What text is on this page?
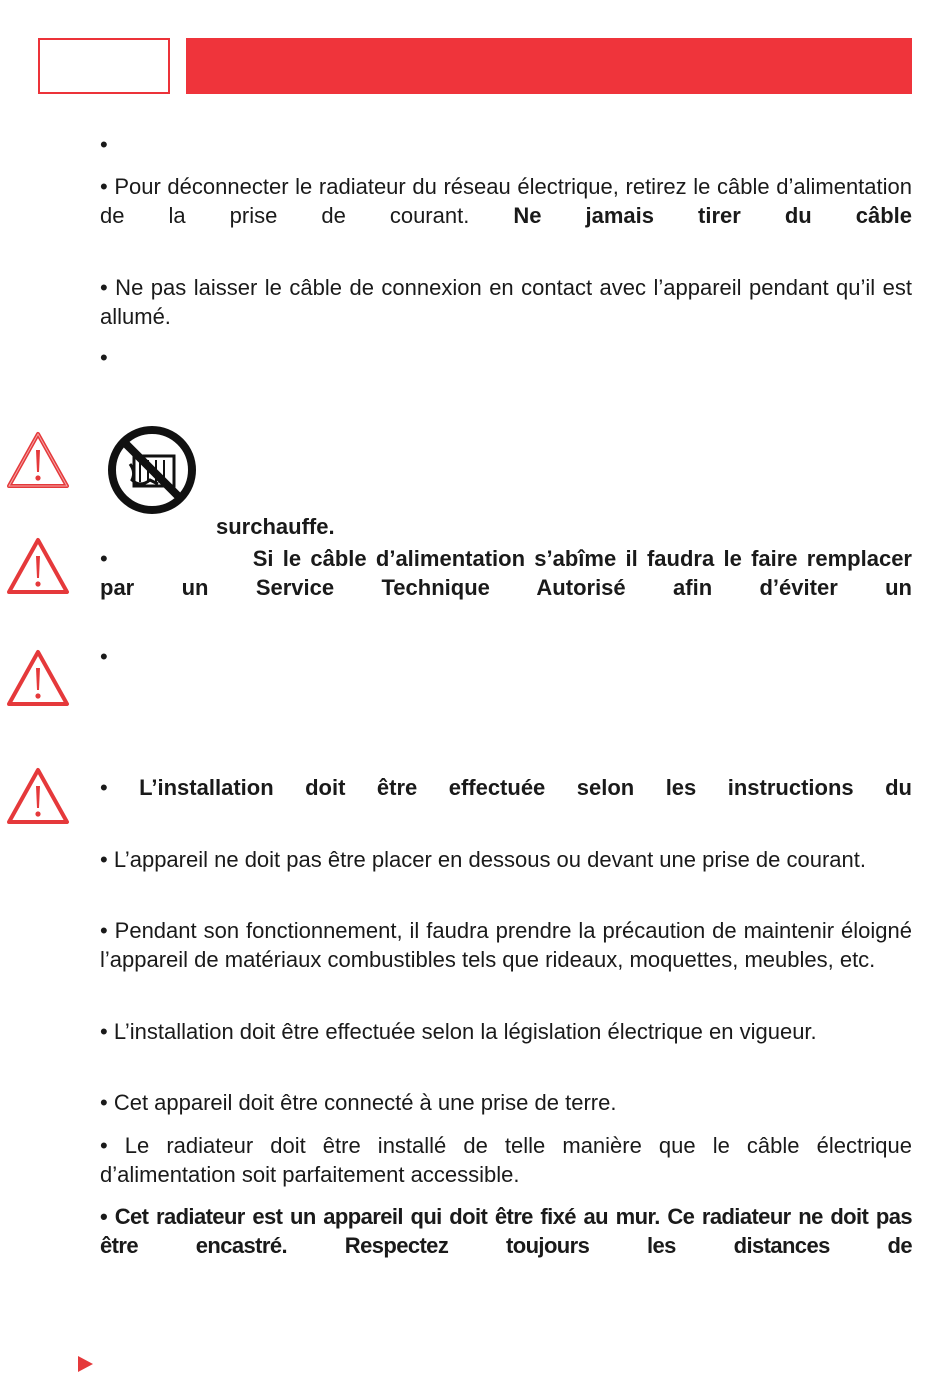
•

• Pour déconnecter le radiateur du réseau électrique, retirez le câble d’alimentation de la prise de courant. Ne jamais tirer du câble

• Ne pas laisser le câble de connexion en contact avec l’appareil pendant qu’il est allumé.

•

surchauffe.

•	Si le câble d’alimentation s’abîme il faudra le faire remplacer par un Service Technique Autorisé afin d’éviter un

•

• L’installation doit être effectuée selon les instructions du

• L’appareil ne doit pas être placer en dessous ou devant une prise de courant.

• Pendant son fonctionnement, il faudra prendre la précaution de maintenir éloigné l’appareil de matériaux combustibles tels que rideaux, moquettes, meubles, etc.

• L’installation doit être effectuée selon la législation électrique en vigueur.

• Cet appareil doit être connecté à une prise de terre.

• Le radiateur doit être installé de telle manière que le câble électrique d’alimentation soit parfaitement accessible.

• Cet radiateur est un appareil qui doit être fixé au mur. Ce radiateur ne doit pas être encastré. Respectez toujours les distances de
